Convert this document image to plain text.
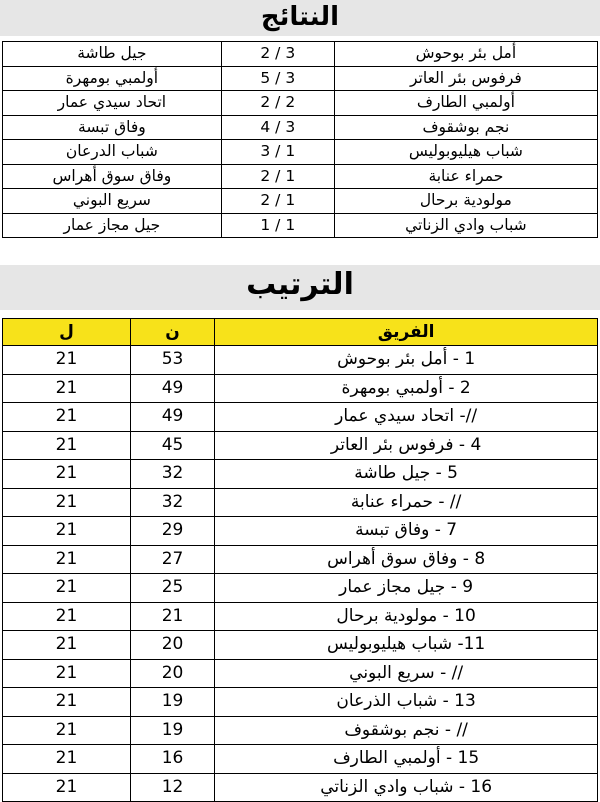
النتائج
أمل بئر بوحوش	3 / 2	جيل طاشة
فرفوس بئر العاتر	3 / 5	أولمبي بومهرة
أولمبي الطارف	2 / 2	اتحاد سيدي عمار
نجم بوشقوف	3 / 4	وفاق تبسة
شباب هيليوبوليس	1 / 3	شباب الدرعان
حمراء عنابة	1 / 2	وفاق سوق أهراس
مولودية برحال	1 / 2	سريع البوني
شباب وادي الزناتي	1 / 1	جيل مجاز عمار
الترتيب
الفريق	ن	ل
1 - أمل بئر بوحوش	53	21
2 - أولمبي بومهرة	49	21
//- اتحاد سيدي عمار	49	21
4 - فرفوس بئر العاتر	45	21
5 - جيل طاشة	32	21
// - حمراء عنابة	32	21
7 - وفاق تبسة	29	21
8 - وفاق سوق أهراس	27	21
9 - جيل مجاز عمار	25	21
10 - مولودية برحال	21	21
11- شباب هيليوبوليس	20	21
// - سريع البوني	20	21
13 - شباب الذرعان	19	21
// - نجم بوشقوف	19	21
15 - أولمبي الطارف	16	21
16 - شباب وادي الزناتي	12	21
